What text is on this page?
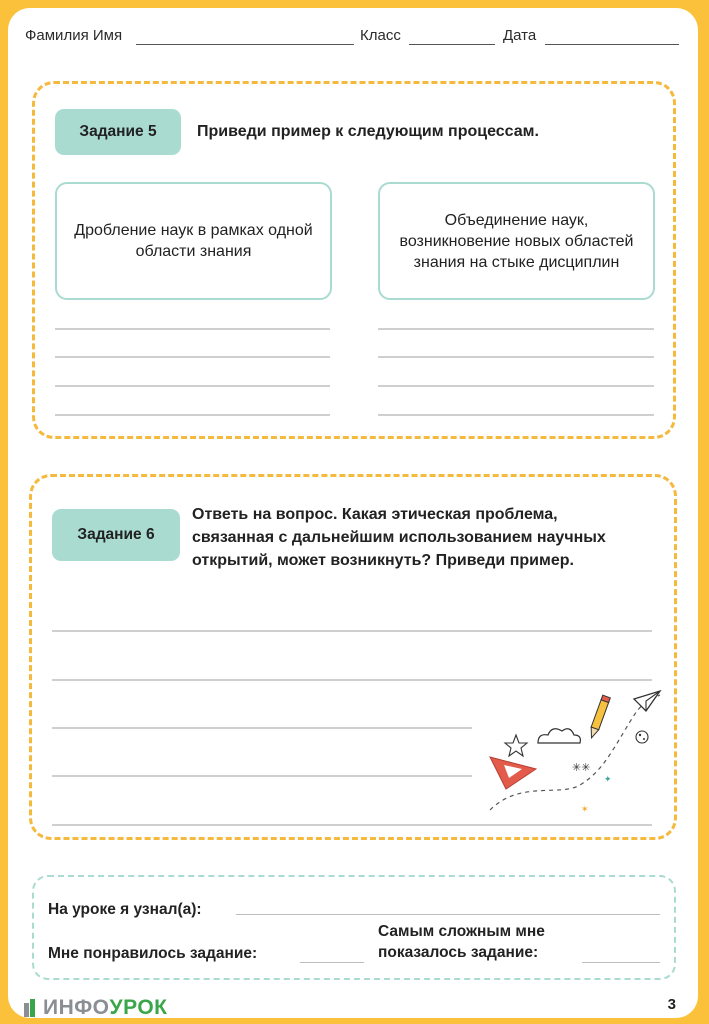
Фамилия Имя	Класс	Дата
Задание 5	Приведи пример к следующим процессам.
Дробление наук в рамках одной области знания
Объединение наук, возникновение новых областей знания на стыке дисциплин
Задание 6
Ответь на вопрос. Какая этическая проблема, связанная с дальнейшим использованием научных открытий, может возникнуть? Приведи пример.
✳✳
✦
✶
На уроке я узнал(а):
Мне понравилось задание:
Самым сложным мне показалось задание:
ИНФО УРОК	3
